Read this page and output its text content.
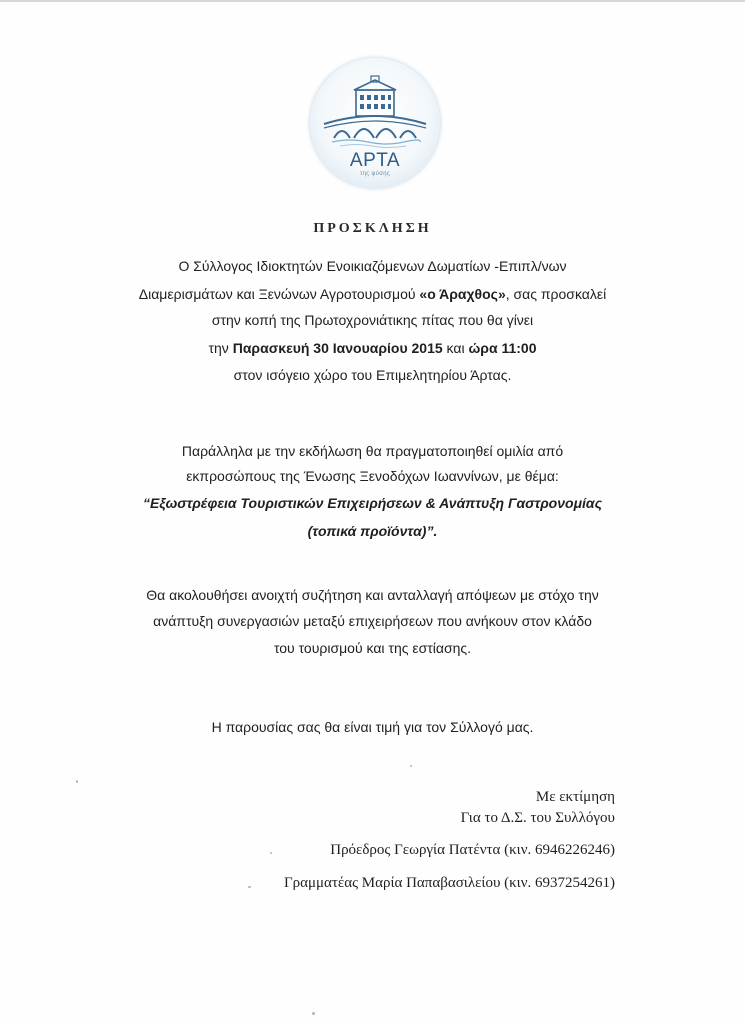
ΑΡΤΑ
της φύσης
ΠΡΟΣΚΛΗΣΗ
Ο Σύλλογος Ιδιοκτητών Ενοικιαζόμενων Δωματίων -Επιπλ/νων
Διαμερισμάτων και Ξενώνων Αγροτουρισμού «ο Άραχθος», σας προσκαλεί
στην κοπή της Πρωτοχρονιάτικης πίτας που θα γίνει
την Παρασκευή 30 Ιανουαρίου 2015 και ώρα 11:00
στον ισόγειο χώρο του Επιμελητηρίου Άρτας.
Παράλληλα με την εκδήλωση θα πραγματοποιηθεί ομιλία από
εκπροσώπους της Ένωσης Ξενοδόχων Ιωαννίνων, με θέμα:
“Εξωστρέφεια Τουριστικών Επιχειρήσεων & Ανάπτυξη Γαστρονομίας
(τοπικά προϊόντα)”.
Θα ακολουθήσει ανοιχτή συζήτηση και ανταλλαγή απόψεων με στόχο την
ανάπτυξη συνεργασιών μεταξύ επιχειρήσεων που ανήκουν στον κλάδο
του τουρισμού και της εστίασης.
Η παρουσίας σας θα είναι τιμή για τον Σύλλογό μας.
Με εκτίμηση
Για το Δ.Σ. του Συλλόγου
Πρόεδρος Γεωργία Πατέντα (κιν. 6946226246)
Γραμματέας Μαρία Παπαβασιλείου (κιν. 6937254261)
